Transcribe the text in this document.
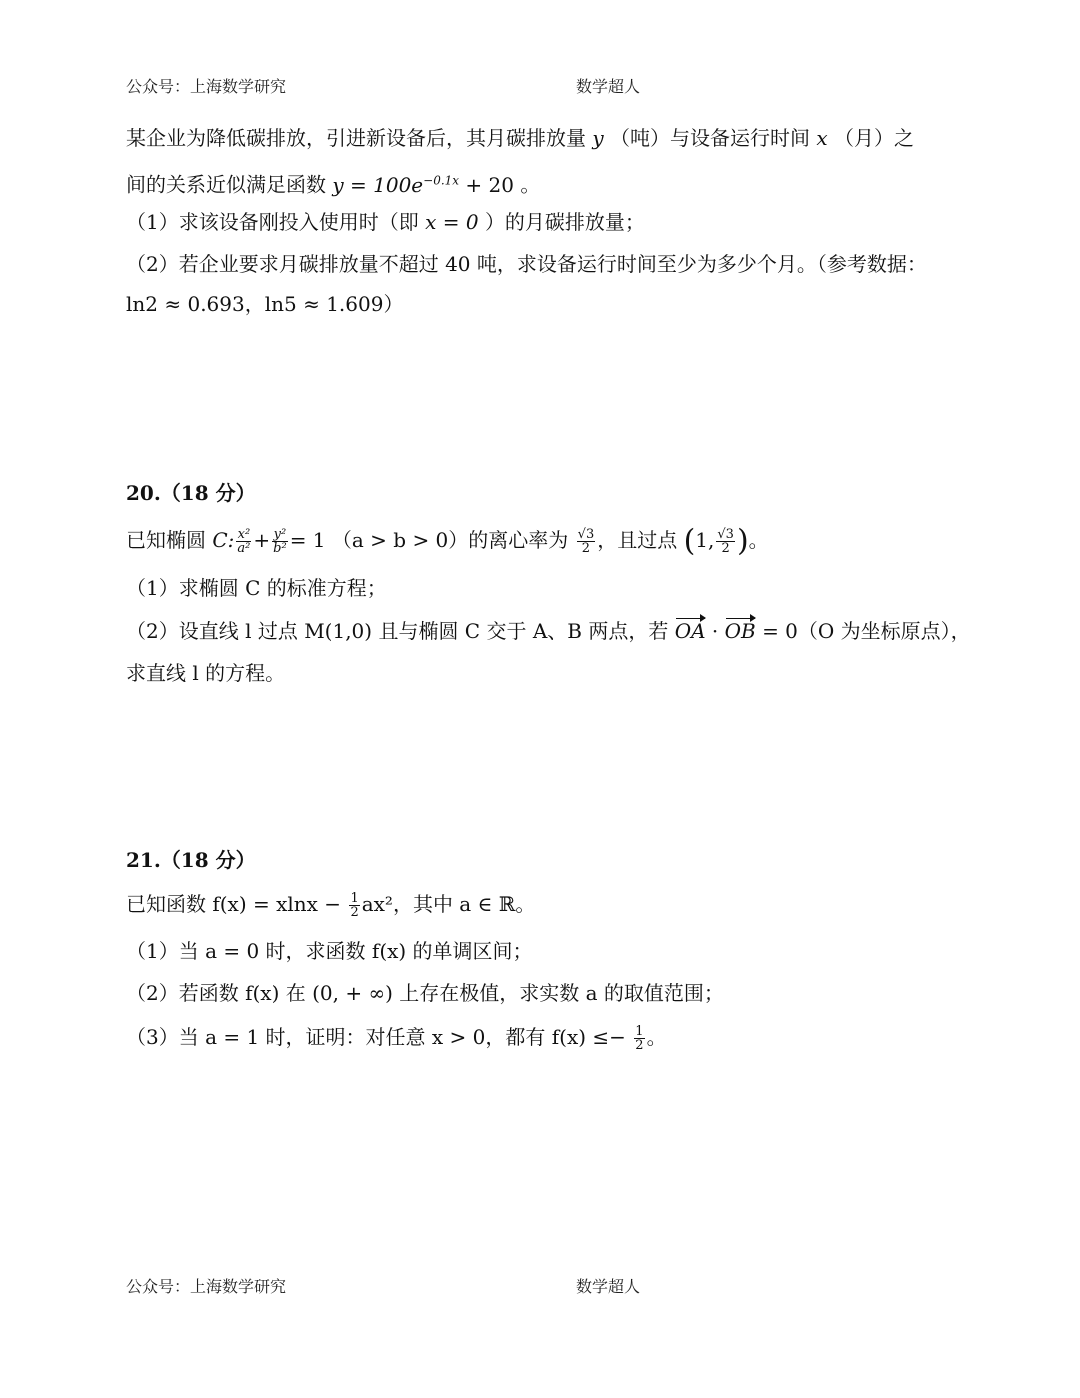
公众号：上海数学研究	数学超人
某企业为降低碳排放，引进新设备后，其月碳排放量 y （吨）与设备运行时间 x （月）之
间的关系近似满足函数 $y = 100e^{-0.1x} + 20$ 。
（1）求该设备刚投入使用时（即 x = 0 ）的月碳排放量；
（2）若企业要求月碳排放量不超过 40 吨，求设备运行时间至少为多少个月。（参考数据：
ln2 ≈ 0.693，ln5 ≈ 1.609）
20.（18 分）
已知椭圆 C: $\frac{\text{x²}}{\text{a²}} + \frac{\text{y²}}{\text{b²}} = 1$ （a > b > 0）的离心率为 $\frac{√3}{2}$ ，且过点 (1, $\frac{√3}{2}$ )。
（1）求椭圆 C 的标准方程；
（2）设直线 l 过点 M(1,0) 且与椭圆 C 交于 A、B 两点，若 OA · OB = 0（O 为坐标原点），
求直线 l 的方程。
21.（18 分）
已知函数 $f(x) = xlnx - \frac{1}{2} ax^2$，其中 a ∈ ℝ。
（1）当 a = 0 时，求函数 f(x) 的单调区间；
（2）若函数 f(x) 在 (0, + ∞) 上存在极值，求实数 a 的取值范围；
（3）当 a = 1 时，证明：对任意 x > 0，都有 $f(x) \le- \frac{1}{2}$ 。
公众号：上海数学研究	数学超人
